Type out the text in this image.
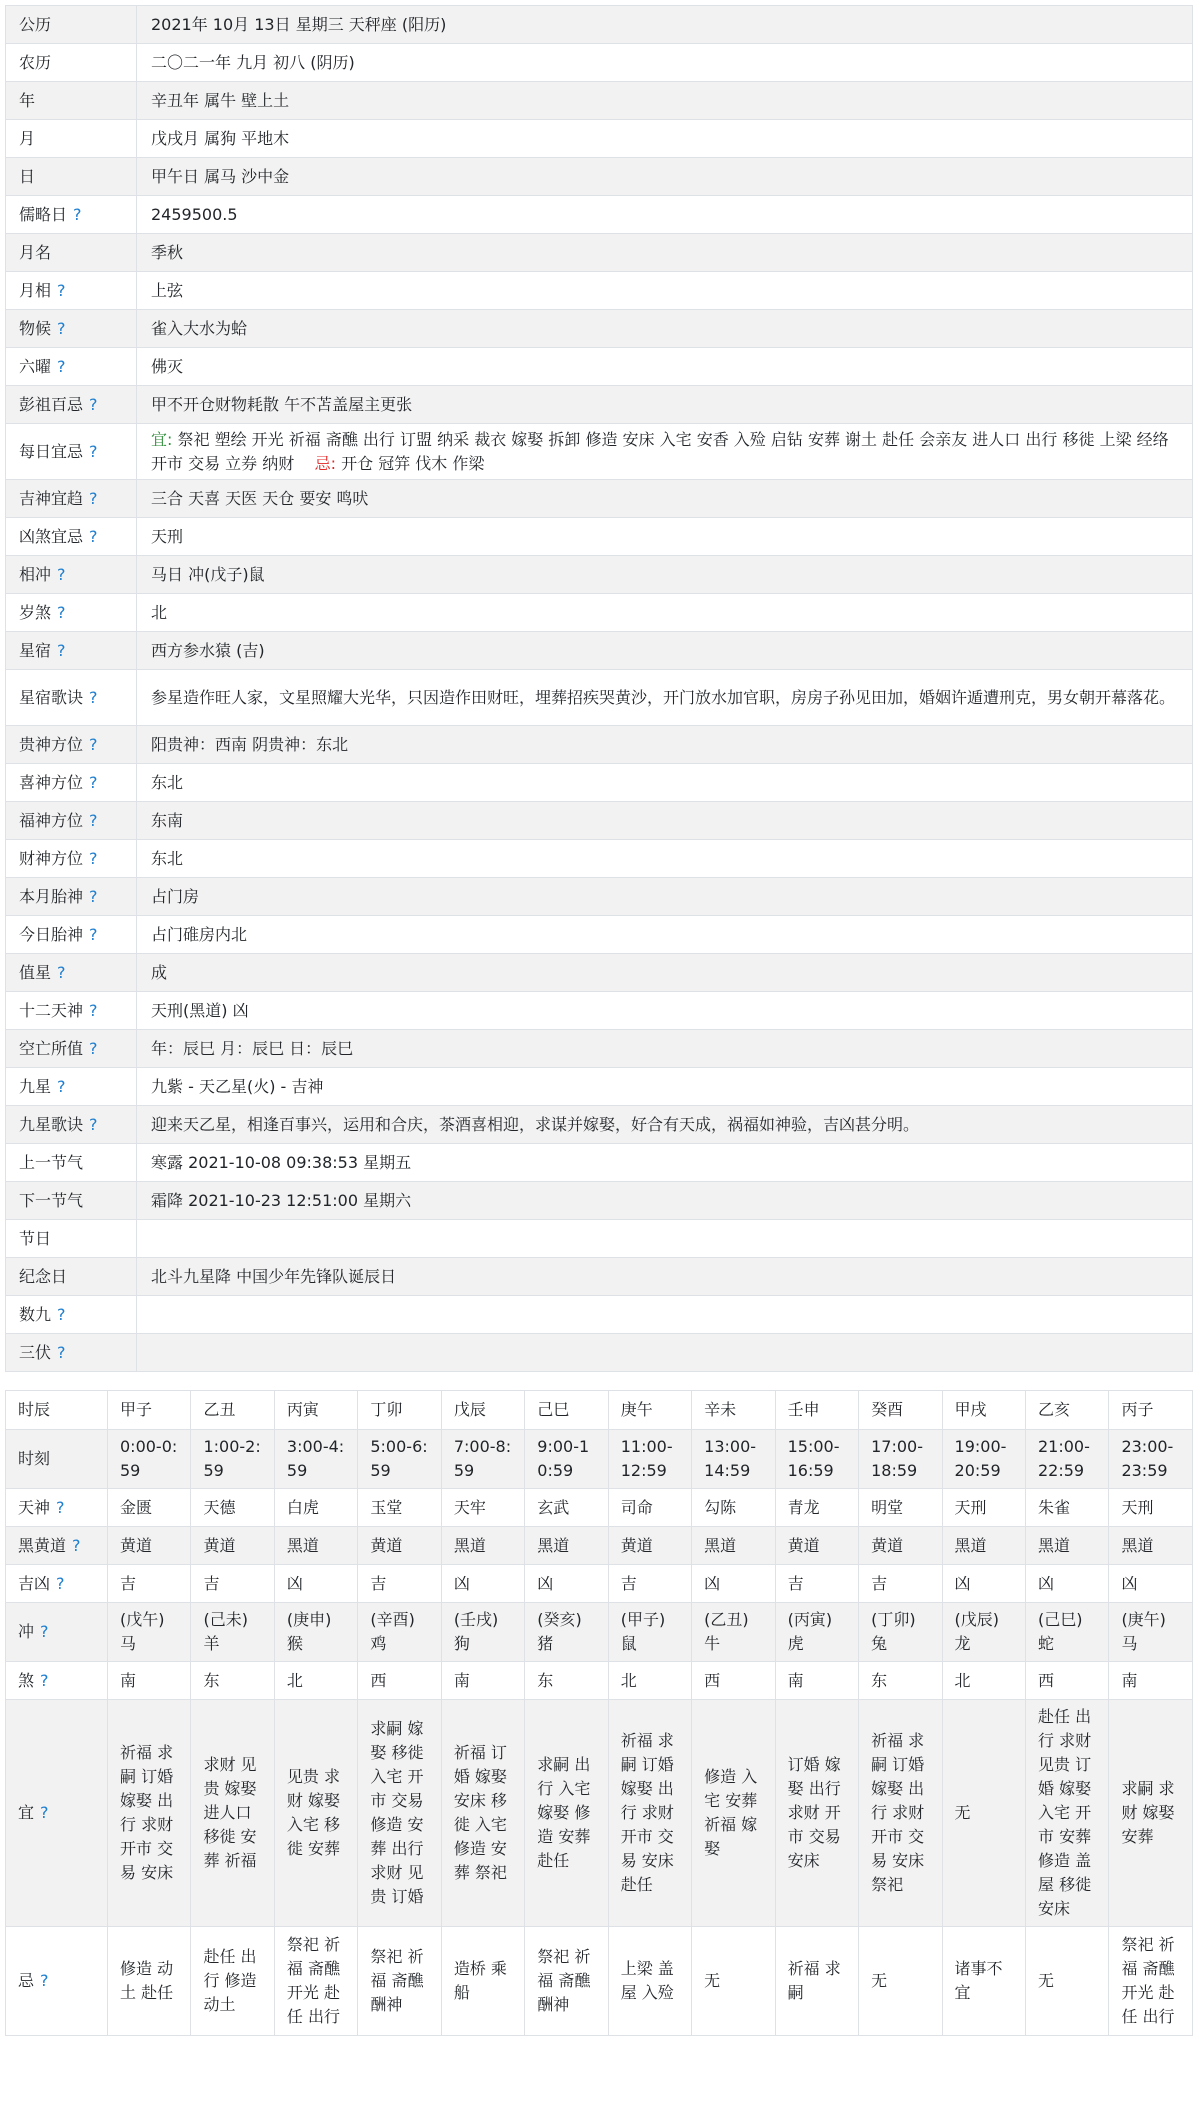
公历	2021年 10月 13日 星期三 天秤座 (阳历)
农历	二〇二一年 九月 初八 (阴历)
年	辛丑年 属牛 壁上土
月	戊戌月 属狗 平地木
日	甲午日 属马 沙中金
儒略日 ?	2459500.5
月名	季秋
月相 ?	上弦
物候 ?	雀入大水为蛤
六曜 ?	佛灭
彭祖百忌 ?	甲不开仓财物耗散 午不苫盖屋主更张
每日宜忌 ?	宜: 祭祀 塑绘 开光 祈福 斋醮 出行 订盟 纳采 裁衣 嫁娶 拆卸 修造 安床 入宅 安香 入殓 启钻 安葬 谢土 赴任 会亲友 进人口 出行 移徙 上梁 经络 开市 交易 立券 纳财 忌: 开仓 冠笄 伐木 作梁
吉神宜趋 ?	三合 天喜 天医 天仓 要安 鸣吠
凶煞宜忌 ?	天刑
相冲 ?	马日 冲(戊子)鼠
岁煞 ?	北
星宿 ?	西方参水猿 (吉)
星宿歌诀 ?	参星造作旺人家，文星照耀大光华，只因造作田财旺，埋葬招疾哭黄沙，开门放水加官职，房房子孙见田加，婚姻许遁遭刑克，男女朝开幕落花。
贵神方位 ?	阳贵神：西南 阴贵神：东北
喜神方位 ?	东北
福神方位 ?	东南
财神方位 ?	东北
本月胎神 ?	占门房
今日胎神 ?	占门碓房内北
值星 ?	成
十二天神 ?	天刑(黑道) 凶
空亡所值 ?	年：辰巳 月：辰巳 日：辰巳
九星 ?	九紫 - 天乙星(火) - 吉神
九星歌诀 ?	迎来天乙星，相逢百事兴，运用和合庆，茶酒喜相迎，求谋并嫁娶，好合有天成，祸福如神验，吉凶甚分明。
上一节气	寒露 2021-10-08 09:38:53 星期五
下一节气	霜降 2021-10-23 12:51:00 星期六
节日	
纪念日	北斗九星降 中国少年先锋队诞辰日
数九 ?	
三伏 ?	
时辰	甲子	乙丑	丙寅	丁卯	戊辰	己巳	庚午	辛未	壬申	癸酉	甲戌	乙亥	丙子
时刻	0:00-0:59	1:00-2:59	3:00-4:59	5:00-6:59	7:00-8:59	9:00-10:59	11:00-12:59	13:00-14:59	15:00-16:59	17:00-18:59	19:00-20:59	21:00-22:59	23:00-23:59
天神 ?	金匮	天德	白虎	玉堂	天牢	玄武	司命	勾陈	青龙	明堂	天刑	朱雀	天刑
黑黄道 ?	黄道	黄道	黑道	黄道	黑道	黑道	黄道	黑道	黄道	黄道	黑道	黑道	黑道
吉凶 ?	吉	吉	凶	吉	凶	凶	吉	凶	吉	吉	凶	凶	凶
冲 ?	(戊午)马	(己未)羊	(庚申)猴	(辛酉)鸡	(壬戌)狗	(癸亥)猪	(甲子)鼠	(乙丑)牛	(丙寅)虎	(丁卯)兔	(戊辰)龙	(己巳)蛇	(庚午)马
煞 ?	南	东	北	西	南	东	北	西	南	东	北	西	南
宜 ?	祈福 求嗣 订婚 嫁娶 出行 求财 开市 交易 安床	求财 见贵 嫁娶 进人口 移徙 安葬 祈福	见贵 求财 嫁娶 入宅 移徙 安葬	求嗣 嫁娶 移徙 入宅 开市 交易 修造 安葬 出行 求财 见贵 订婚	祈福 订婚 嫁娶 安床 移徙 入宅 修造 安葬 祭祀	求嗣 出行 入宅 嫁娶 修造 安葬 赴任	祈福 求嗣 订婚 嫁娶 出行 求财 开市 交易 安床 赴任	修造 入宅 安葬 祈福 嫁娶	订婚 嫁娶 出行 求财 开市 交易 安床	祈福 求嗣 订婚 嫁娶 出行 求财 开市 交易 安床 祭祀	无	赴任 出行 求财 见贵 订婚 嫁娶 入宅 开市 安葬 修造 盖屋 移徙 安床	求嗣 求财 嫁娶 安葬
忌 ?	修造 动土 赴任	赴任 出行 修造 动土	祭祀 祈福 斋醮 开光 赴任 出行	祭祀 祈福 斋醮 酬神	造桥 乘船	祭祀 祈福 斋醮 酬神	上梁 盖屋 入殓	无	祈福 求嗣	无	诸事不宜	无	祭祀 祈福 斋醮 开光 赴任 出行
